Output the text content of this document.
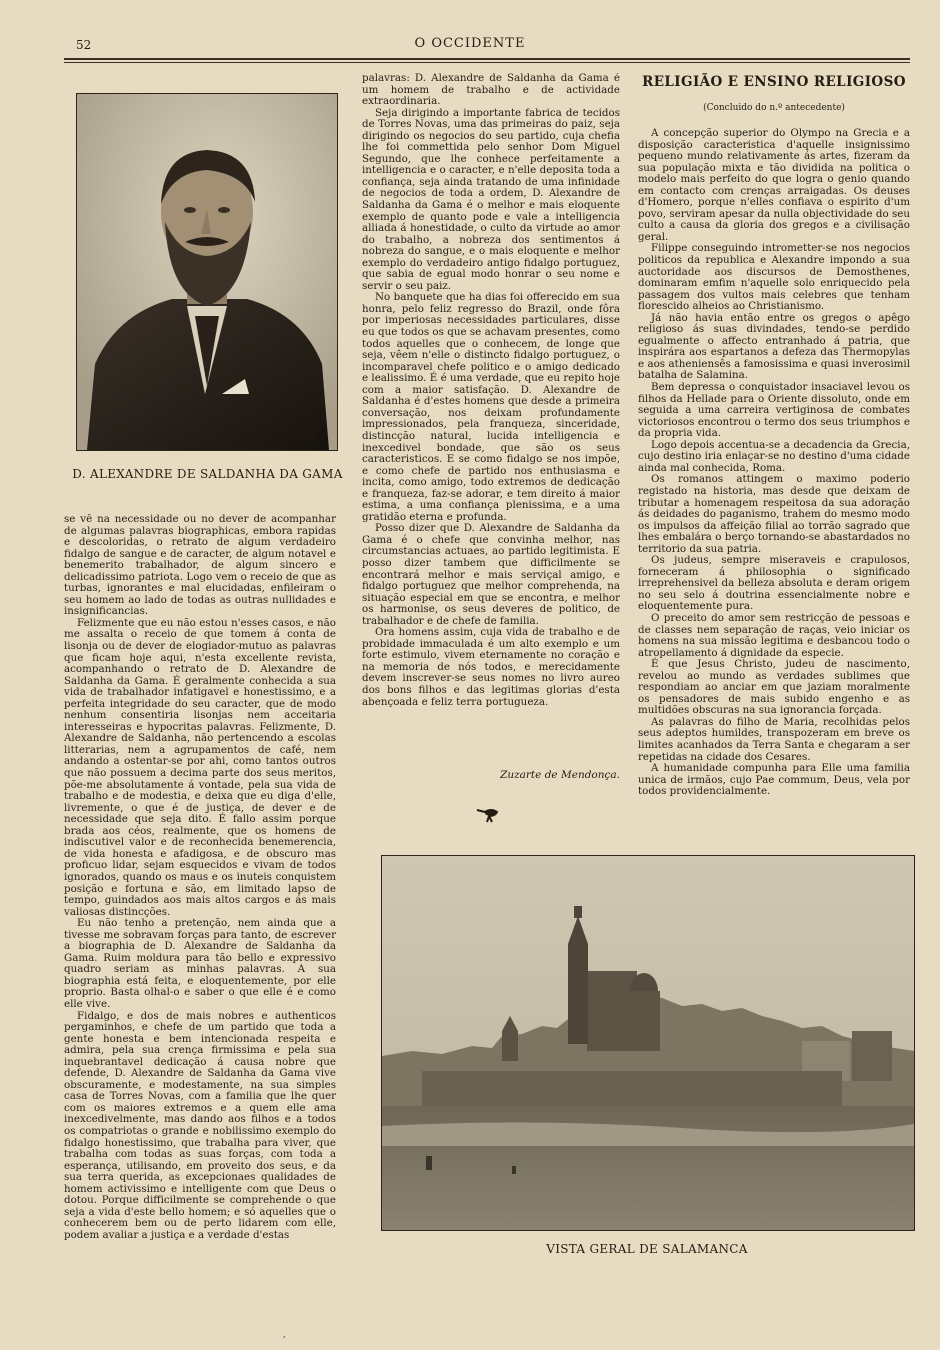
52	O OCCIDENTE
PEPOL.
D. ALEXANDRE DE SALDANHA DA GAMA

se vê na necessidade ou no dever de acompanhar de algumas palavras biographicas, embora rapidas e descoloridas, o retrato de algum verdadeiro fidalgo de sangue e de caracter, de algum notavel e benemerito trabalhador, de algum sincero e delicadissimo patriota. Logo vem o receio de que as turbas, ignorantes e mal elucidadas, enfileiram o seu homem ao lado de todas as outras nullidades e insignificancias.

Felizmente que eu não estou n'esses casos, e não me assalta o receio de que tomem á conta de lisonja ou de dever de elogiador-mutuo as palavras que ficam hoje aqui, n'esta excellente revista, acompanhando o retrato de D. Alexandre de Saldanha da Gama. É geralmente conhecida a sua vida de trabalhador infatigavel e honestissimo, e a perfeita integridade do seu caracter, que de modo nenhum consentiria lisonjas nem acceitaria interesseiras e hypocritas palavras. Felizmente, D. Alexandre de Saldanha, não pertencendo a escolas litterarias, nem a agrupamentos de café, nem andando a ostentar-se por ahi, como tantos outros que não possuem a decima parte dos seus meritos, põe-me absolutamente á vontade, pela sua vida de trabalho e de modestia, e deixa que eu diga d'elle, livremente, o que é de justiça, de dever e de necessidade que seja dito. É fallo assim porque brada aos céos, realmente, que os homens de indiscutivel valor e de reconhecida benemerencia, de vida honesta e afadigosa, e de obscuro mas proficuo lidar, sejam esquecidos e vivam de todos ignorados, quando os maus e os inuteis conquistem posição e fortuna e são, em limitado lapso de tempo, guindados aos mais altos cargos e ás mais valiosas distincções.

Eu não tenho a pretenção, nem ainda que a tivesse me sobravam forças para tanto, de escrever a biographia de D. Alexandre de Saldanha da Gama. Ruim moldura para tão bello e expressivo quadro seriam as minhas palavras. A sua biographia está feita, e eloquentemente, por elle proprio. Basta olhal-o e saber o que elle é e como elle vive.

Fidalgo, e dos de mais nobres e authenticos pergaminhos, e chefe de um partido que toda a gente honesta e bem intencionada respeita e admira, pela sua crença firmissima e pela sua inquebrantavel dedicação á causa nobre que defende, D. Alexandre de Saldanha da Gama vive obscuramente, e modestamente, na sua simples casa de Torres Novas, com a familia que lhe quer com os maiores extremos e a quem elle ama inexcedivelmente, mas dando aos filhos e a todos os compatriotas o grande e nobilissimo exemplo do fidalgo honestissimo, que trabalha para viver, que trabalha com todas as suas forças, com toda a esperança, utilisando, em proveito dos seus, e da sua terra querida, as excepcionaes qualidades de homem activissimo e intelligente com que Deus o dotou. Porque difficilmente se comprehende o que seja a vida d'este bello homem; e só aquelles que o conhecerem bem ou de perto lidarem com elle, podem avaliar a justiça e a verdade d'estas

palavras: D. Alexandre de Saldanha da Gama é um homem de trabalho e de actividade extraordinaria.

Seja dirigindo a importante fabrica de tecidos de Torres Novas, uma das primeiras do paiz, seja dirigindo os negocios do seu partido, cuja chefia lhe foi commettida pelo senhor Dom Miguel Segundo, que lhe conhece perfeitamente a intelligencia e o caracter, e n'elle deposita toda a confiança, seja ainda tratando de uma infinidade de negocios de toda a ordem, D. Alexandre de Saldanha da Gama é o melhor e mais eloquente exemplo de quanto pode e vale a intelligencia alliada á honestidade, o culto da virtude ao amor do trabalho, a nobreza dos sentimentos á nobreza do sangue, e o mais eloquente e melhor exemplo do verdadeiro antigo fidalgo portuguez, que sabia de egual modo honrar o seu nome e servir o seu paiz.

No banquete que ha dias foi offerecido em sua honra, pelo feliz regresso do Brazil, onde fôra por imperiosas necessidades particulares, disse eu que todos os que se achavam presentes, como todos aquelles que o conhecem, de longe que seja, vêem n'elle o distincto fidalgo portuguez, o incomparavel chefe politico e o amigo dedicado e lealissimo. É é uma verdade, que eu repito hoje com a maior satisfação. D. Alexandre de Saldanha é d'estes homens que desde a primeira conversação, nos deixam profundamente impressionados, pela franqueza, sinceridade, distincção natural, lucida intelligencia e inexcedivel bondade, que são os seus caracteristicos. E se como fidalgo se nos impõe, e como chefe de partido nos enthusiasma e incita, como amigo, todo extremos de dedicação e franqueza, faz-se adorar, e tem direito á maior estima, a uma confiança plenissima, e a uma gratidão eterna e profunda.

Posso dizer que D. Alexandre de Saldanha da Gama é o chefe que convinha melhor, nas circumstancias actuaes, ao partido legitimista. E posso dizer tambem que difficilmente se encontrará melhor e mais serviçal amigo, e fidalgo portuguez que melhor comprehenda, na situação especial em que se encontra, e melhor os harmonise, os seus deveres de politico, de trabalhador e de chefe de familia.

Ora homens assim, cuja vida de trabalho e de probidade immaculada é um alto exemplo e um forte estimulo, vivem eternamente no coração e na memoria de nós todos, e merecidamente devem inscrever-se seus nomes no livro aureo dos bons filhos e das legitimas glorias d'esta abençoada e feliz terra portugueza.

Zuzarte de Mendonça.
RELIGIÃO E ENSINO RELIGIOSO
(Concluido do n.º antecedente)

A concepção superior do Olympo na Grecia e a disposição caracteristica d'aquelle insignissimo pequeno mundo relativamente ás artes, fizeram da sua população mixta e tão dividida na politica o modelo mais perfeito do que logra o genio quando em contacto com crenças arraigadas. Os deuses d'Homero, porque n'elles confiava o espirito d'um povo, serviram apesar da nulla objectividade do seu culto a causa da gloria dos gregos e a civilisação geral.

Filippe conseguindo intrometter-se nos negocios politicos da republica e Alexandre impondo a sua auctoridade aos discursos de Demosthenes, dominaram emfim n'aquelle solo enriquecido pela passagem dos vultos mais celebres que tenham florescido alheios ao Christianismo.

Já não havia então entre os gregos o apêgo religioso ás suas divindades, tendo-se perdido egualmente o affecto entranhado á patria, que inspirára aos espartanos a defeza das Thermopylas e aos atheniensês a famosissima e quasi inverosimil batalha de Salamina.

Bem depressa o conquistador insaciavel levou os filhos da Hellade para o Oriente dissoluto, onde em seguida a uma carreira vertiginosa de combates victoriosos encontrou o termo dos seus triumphos e da propria vida.

Logo depois accentua-se a decadencia da Grecia, cujo destino iria enlaçar-se no destino d'uma cidade ainda mal conhecida, Roma.

Os romanos attingem o maximo poderio registado na historia, mas desde que deixam de tributar a homenagem respeitosa da sua adoração ás deidades do paganismo, trahem do mesmo modo os impulsos da affeição filial ao torrão sagrado que lhes embalára o berço tornando-se abastardados no territorio da sua patria.

Os judeus, sempre miseraveis e crapulosos, forneceram á philosophia o significado irreprehensivel da belleza absoluta e deram origem no seu selo á doutrina essencialmente nobre e eloquentemente pura.

O preceito do amor sem restricção de pessoas e de classes nem separação de raças, veio iniciar os homens na sua missão legitima e desbancou todo o atropellamento á dignidade da especie.

É que Jesus Christo, judeu de nascimento, revelou ao mundo as verdades sublimes que respondiam ao anciar em que jaziam moralmente os pensadores de mais subido engenho e as multidões obscuras na sua ignorancia forçada.

As palavras do filho de Maria, recolhidas pelos seus adeptos humildes, transpozeram em breve os limites acanhados da Terra Santa e chegaram a ser repetidas na cidade dos Cesares.

A humanidade compunha para Elle uma familia unica de irmãos, cujo Pae commum, Deus, vela por todos providencialmente.

VISTA GERAL DE SALAMANCA
,
